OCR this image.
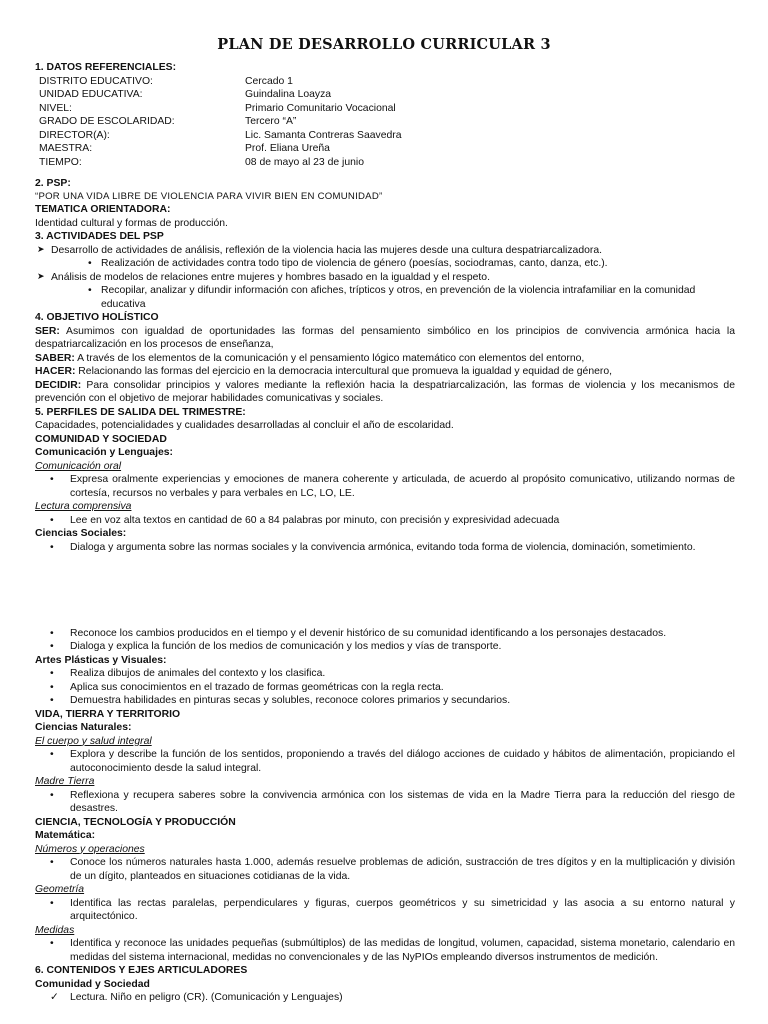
PLAN DE DESARROLLO CURRICULAR 3
1. DATOS REFERENCIALES:
DISTRITO EDUCATIVO:	Cercado 1
UNIDAD EDUCATIVA:	Guindalina Loayza
NIVEL:	Primario Comunitario Vocacional
GRADO DE ESCOLARIDAD:	Tercero “A”
DIRECTOR(A):	Lic. Samanta Contreras Saavedra
MAESTRA:	Prof. Eliana Ureña
TIEMPO:	08 de mayo al 23 de junio
2. PSP:
“POR UNA VIDA LIBRE DE VIOLENCIA PARA VIVIR BIEN EN COMUNIDAD”
TEMATICA ORIENTADORA:
Identidad cultural y formas de producción.
3. ACTIVIDADES DEL PSP
➤ Desarrollo de actividades de análisis, reflexión de la violencia hacia las mujeres desde una cultura despatriarcalizadora.
• Realización de actividades contra todo tipo de violencia de género (poesías, sociodramas, canto, danza, etc.).
➤ Análisis de modelos de relaciones entre mujeres y hombres basado en la igualdad y el respeto.
• Recopilar, analizar y difundir información con afiches, trípticos y otros, en prevención de la violencia intrafamiliar en la comunidad educativa
4. OBJETIVO HOLÍSTICO
SER: Asumimos con igualdad de oportunidades las formas del pensamiento simbólico en los principios de convivencia armónica hacia la despatriarcalización en los procesos de enseñanza,
SABER: A través de los elementos de la comunicación y el pensamiento lógico matemático con elementos del entorno,
HACER: Relacionando las formas del ejercicio en la democracia intercultural que promueva la igualdad y equidad de género,
DECIDIR: Para consolidar principios y valores mediante la reflexión hacia la despatriarcalización, las formas de violencia y los mecanismos de prevención con el objetivo de mejorar habilidades comunicativas y sociales.
5. PERFILES DE SALIDA DEL TRIMESTRE:
Capacidades, potencialidades y cualidades desarrolladas al concluir el año de escolaridad.
COMUNIDAD Y SOCIEDAD
Comunicación y Lenguajes:
Comunicación oral
•	Expresa oralmente experiencias y emociones de manera coherente y articulada, de acuerdo al propósito comunicativo, utilizando normas de cortesía, recursos no verbales y para verbales en LC, LO, LE.
Lectura comprensiva
•	Lee en voz alta textos en cantidad de 60 a 84 palabras por minuto, con precisión y expresividad adecuada
Ciencias Sociales:
•	Dialoga y argumenta sobre las normas sociales y la convivencia armónica, evitando toda forma de violencia, dominación, sometimiento.
•	Reconoce los cambios producidos en el tiempo y el devenir histórico de su comunidad identificando a los personajes destacados.
•	Dialoga y explica la función de los medios de comunicación y los medios y vías de transporte.
Artes Plásticas y Visuales:
•	Realiza dibujos de animales del contexto y los clasifica.
•	Aplica sus conocimientos en el trazado de formas geométricas con la regla recta.
•	Demuestra habilidades en pinturas secas y solubles, reconoce colores primarios y secundarios.
VIDA, TIERRA Y TERRITORIO
Ciencias Naturales:
El cuerpo y salud integral
•	Explora y describe la función de los sentidos, proponiendo a través del diálogo acciones de cuidado y hábitos de alimentación, propiciando el autoconocimiento desde la salud integral.
Madre Tierra
•	Reflexiona y recupera saberes sobre la convivencia armónica con los sistemas de vida en la Madre Tierra para la reducción del riesgo de desastres.
CIENCIA, TECNOLOGÍA Y PRODUCCIÓN
Matemática:
Números y operaciones
•	Conoce los números naturales hasta 1.000, además resuelve problemas de adición, sustracción de tres dígitos y en la multiplicación y división de un dígito, planteados en situaciones cotidianas de la vida.
Geometría
•	Identifica las rectas paralelas, perpendiculares y figuras, cuerpos geométricos y su simetricidad y las asocia a su entorno natural y arquitectónico.
Medidas
•	Identifica y reconoce las unidades pequeñas (submúltiplos) de las medidas de longitud, volumen, capacidad, sistema monetario, calendario en medidas del sistema internacional, medidas no convencionales y de las NyPIOs empleando diversos instrumentos de medición.
6. CONTENIDOS Y EJES ARTICULADORES
Comunidad y Sociedad
✓	Lectura. Niño en peligro (CR). (Comunicación y Lenguajes)
